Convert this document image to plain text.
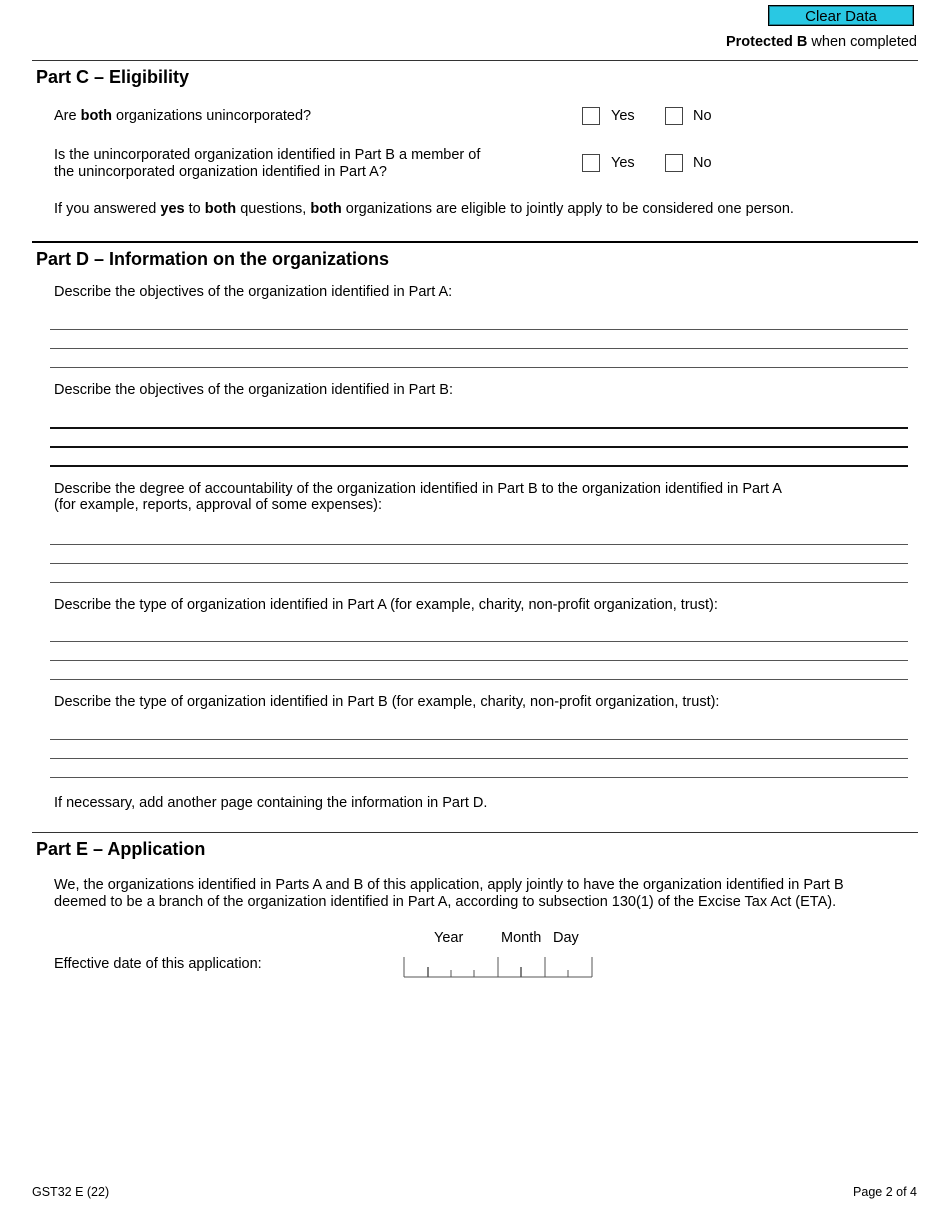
Clear Data
Protected B when completed
Part C – Eligibility
Are both organizations unincorporated?	Yes	No
Is the unincorporated organization identified in Part B a member of
the unincorporated organization identified in Part A?
Yes	No
If you answered yes to both questions, both organizations are eligible to jointly apply to be considered one person.
Part D – Information on the organizations
Describe the objectives of the organization identified in Part A:
Describe the objectives of the organization identified in Part B:
Describe the degree of accountability of the organization identified in Part B to the organization identified in Part A
(for example, reports, approval of some expenses):
Describe the type of organization identified in Part A (for example, charity, non-profit organization, trust):
Describe the type of organization identified in Part B (for example, charity, non-profit organization, trust):
If necessary, add another page containing the information in Part D.
Part E – Application
We, the organizations identified in Parts A and B of this application, apply jointly to have the organization identified in Part B
deemed to be a branch of the organization identified in Part A, according to subsection 130(1) of the Excise Tax Act (ETA).
Year	Month Day
Effective date of this application:
GST32 E (22)	Page 2 of 4
